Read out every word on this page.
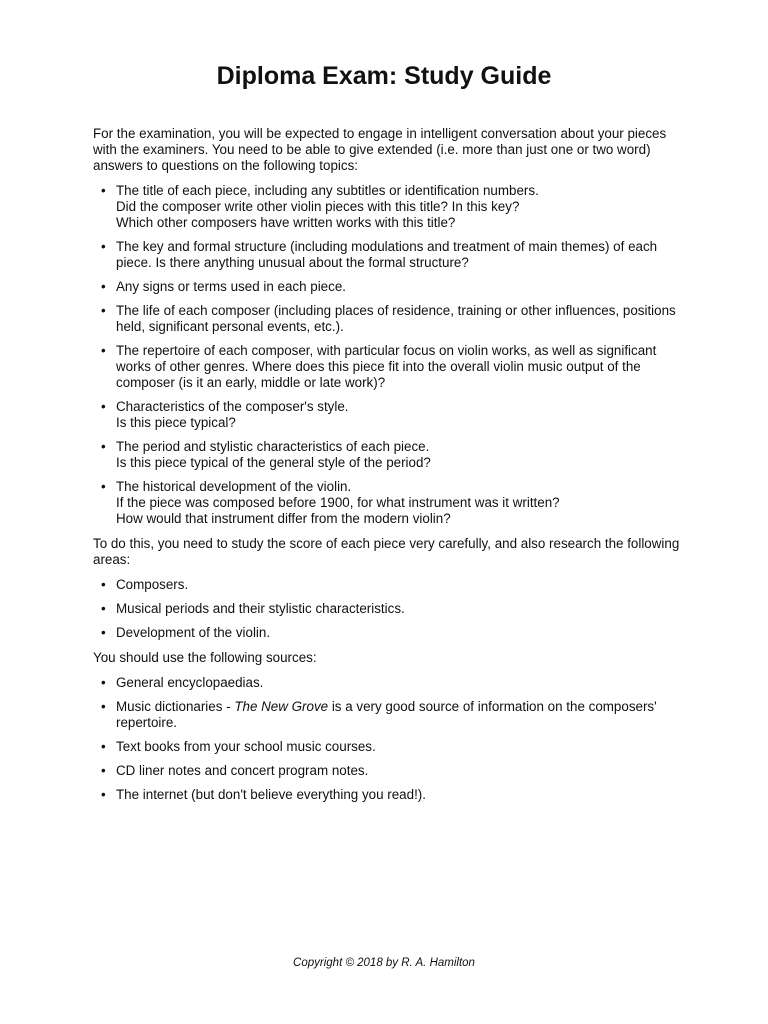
Diploma Exam: Study Guide

For the examination, you will be expected to engage in intelligent conversation about your pieces with the examiners. You need to be able to give extended (i.e. more than just one or two word) answers to questions on the following topics:

• The title of each piece, including any subtitles or identification numbers.
Did the composer write other violin pieces with this title? In this key?
Which other composers have written works with this title?
• The key and formal structure (including modulations and treatment of main themes) of each piece. Is there anything unusual about the formal structure?
• Any signs or terms used in each piece.
• The life of each composer (including places of residence, training or other influences, positions held, significant personal events, etc.).
• The repertoire of each composer, with particular focus on violin works, as well as significant works of other genres. Where does this piece fit into the overall violin music output of the composer (is it an early, middle or late work)?
• Characteristics of the composer's style.
Is this piece typical?
• The period and stylistic characteristics of each piece.
Is this piece typical of the general style of the period?
• The historical development of the violin.
If the piece was composed before 1900, for what instrument was it written?
How would that instrument differ from the modern violin?

To do this, you need to study the score of each piece very carefully, and also research the following areas:

• Composers.
• Musical periods and their stylistic characteristics.
• Development of the violin.

You should use the following sources:

• General encyclopaedias.
• Music dictionaries - The New Grove is a very good source of information on the composers' repertoire.
• Text books from your school music courses.
• CD liner notes and concert program notes.
• The internet (but don't believe everything you read!).
Copyright © 2018 by R. A. Hamilton
